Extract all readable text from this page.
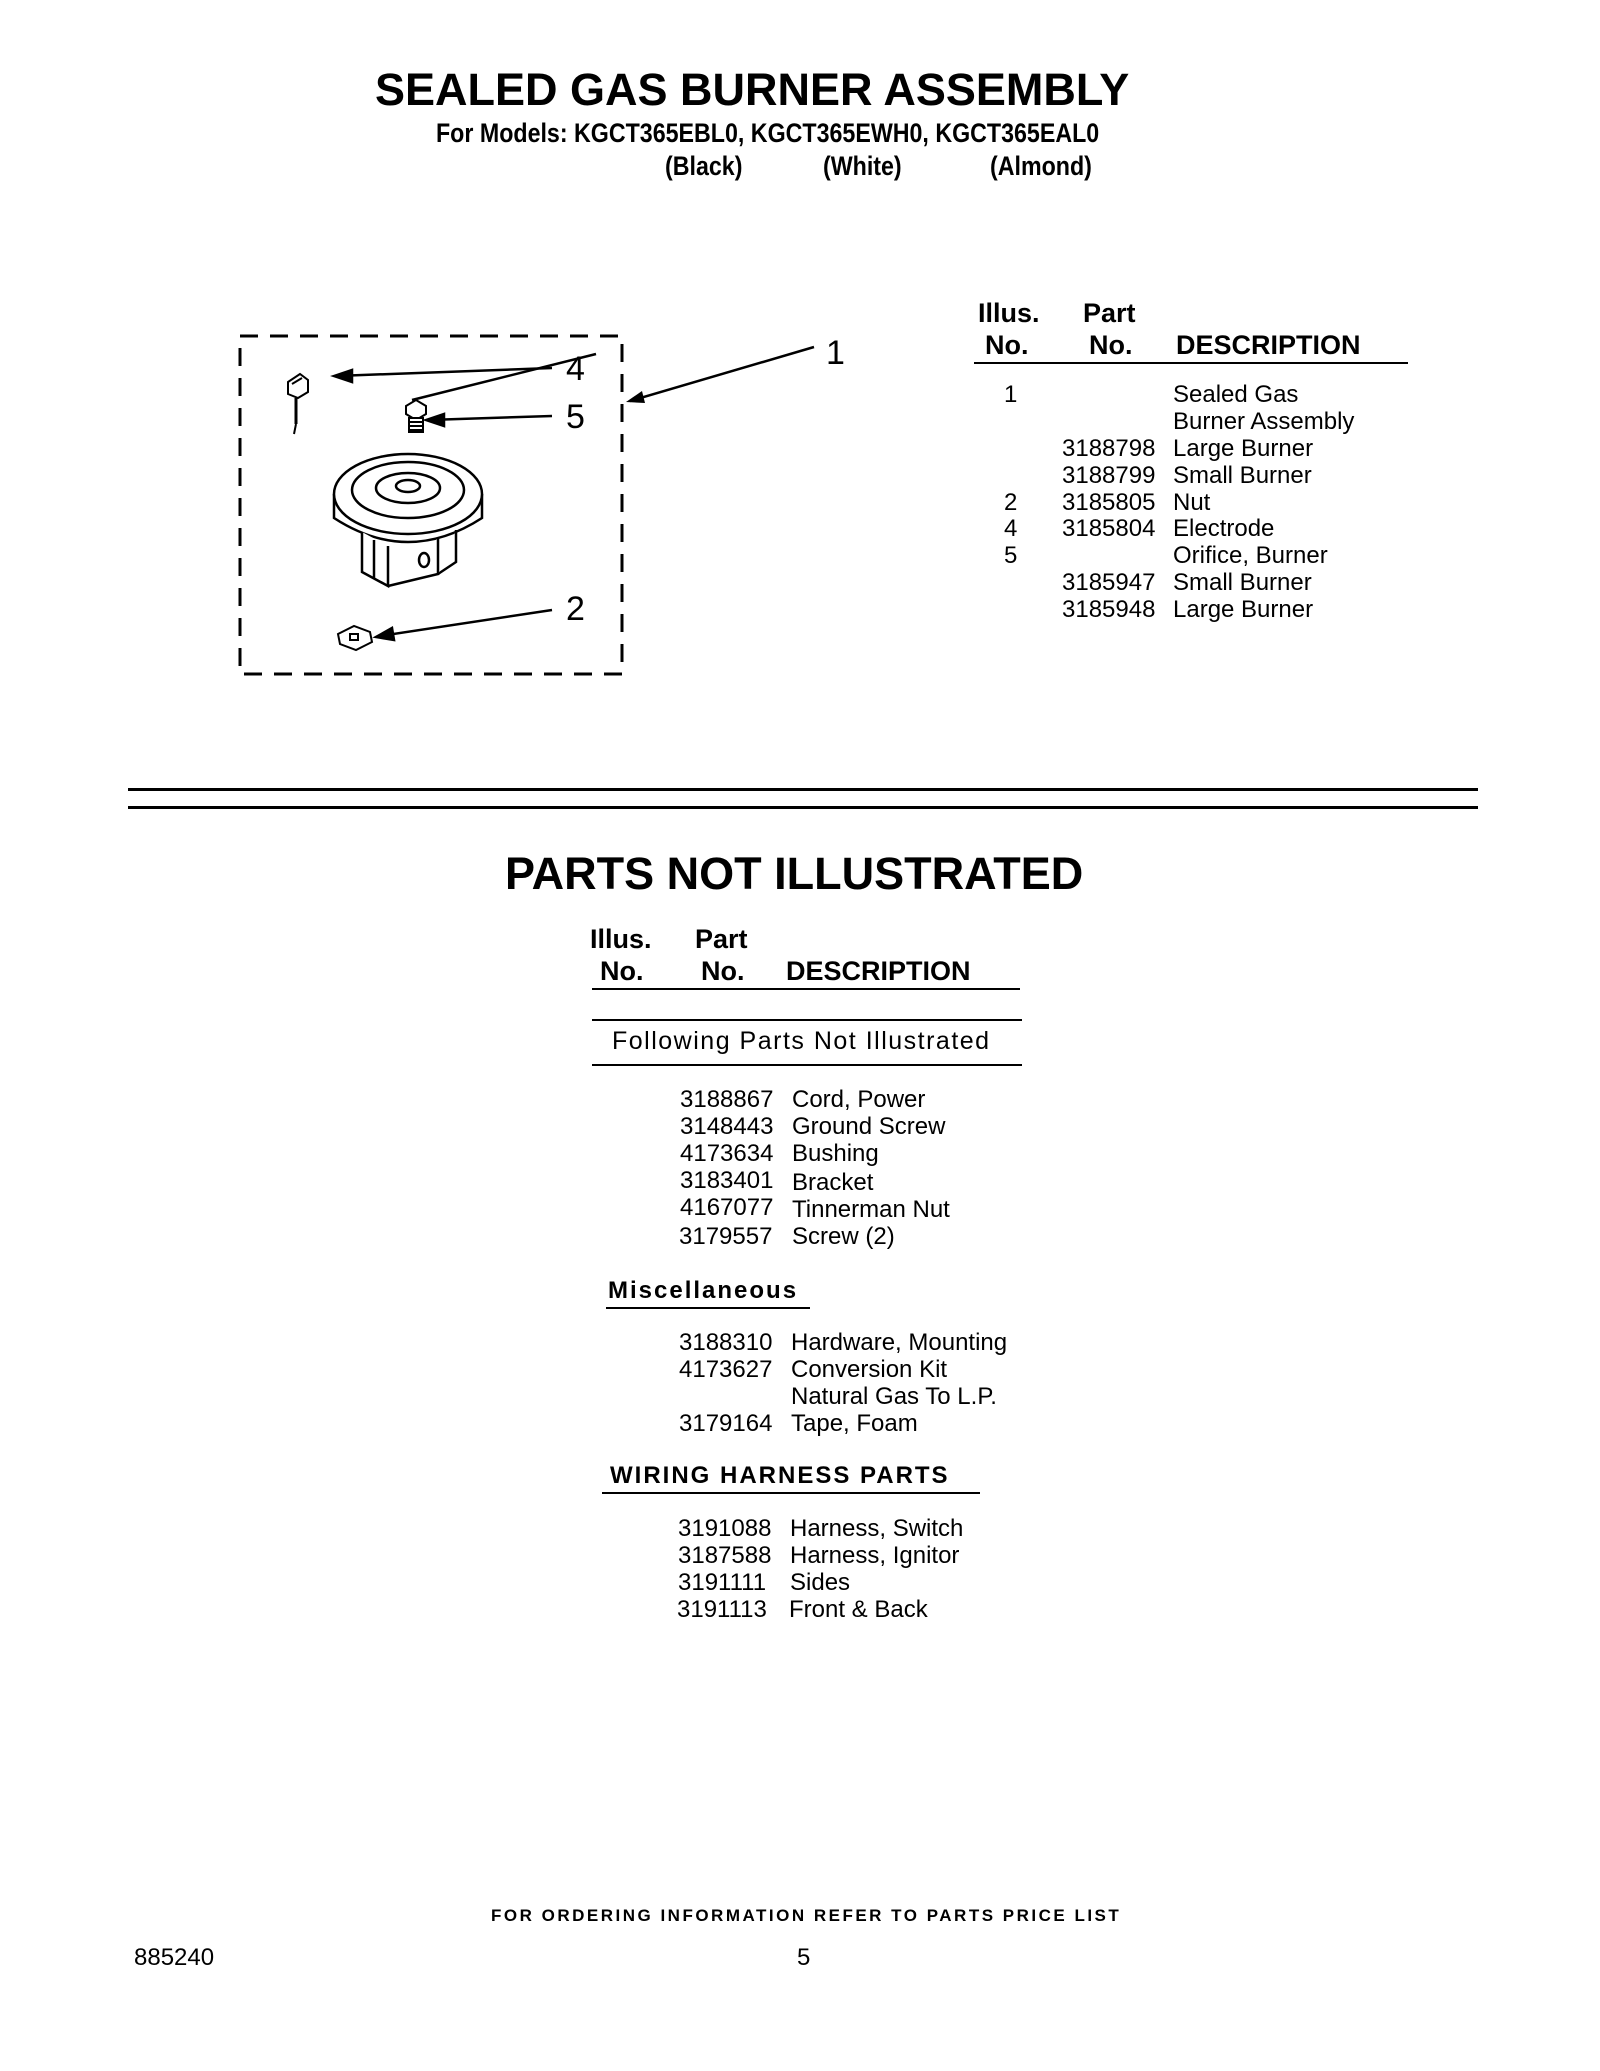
SEALED GAS BURNER ASSEMBLY
For Models: KGCT365EBL0, KGCT365EWH0, KGCT365EAL0
(Black)	(White)	(Almond)
1
4
5
2
Illus.
No.
Part
No. DESCRIPTION
1	Sealed Gas
Burner Assembly
3188798 Large Burner
3188799 Small Burner
2 3185805 Nut
4 3185804 Electrode
5	Orifice, Burner
3185947 Small Burner
3185948 Large Burner
PARTS NOT ILLUSTRATED
Illus.
No.
Part
No. DESCRIPTION
Following Parts Not Illustrated
3188867 Cord, Power
3148443 Ground Screw
4173634 Bushing
3183401 Bracket
4167077 Tinnerman Nut
3179557 Screw (2)
Miscellaneous
3188310 Hardware, Mounting
4173627 Conversion Kit
Natural Gas To L.P.
3179164 Tape, Foam
WIRING HARNESS PARTS
3191088 Harness, Switch
3187588 Harness, Ignitor
3191111 Sides
3191113 Front & Back
FOR ORDERING INFORMATION REFER TO PARTS PRICE LIST
885240	5
